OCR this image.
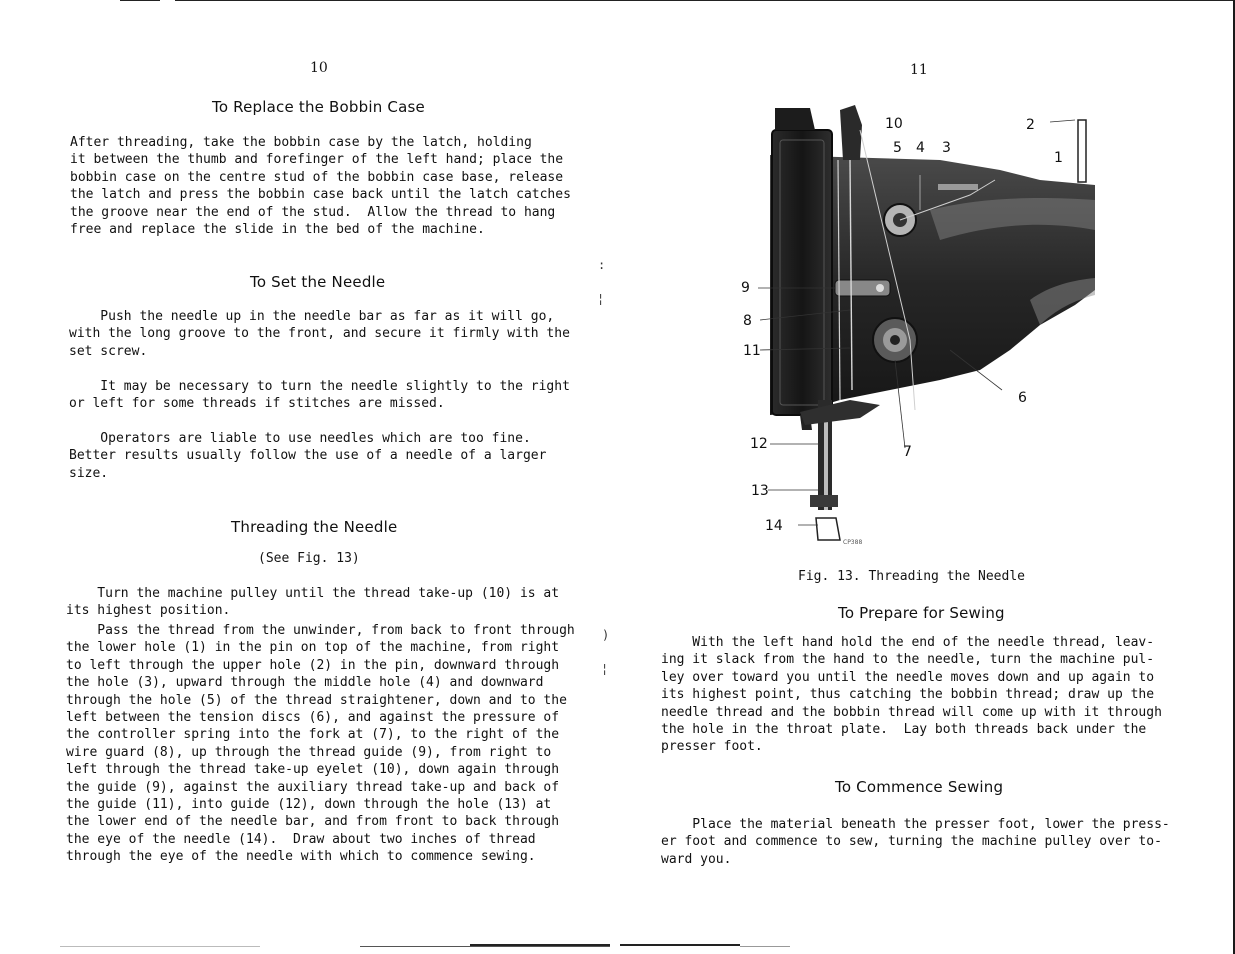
:
¦
)
¦
10
To Replace the Bobbin Case
After threading, take the bobbin case by the latch, holding
it between the thumb and forefinger of the left hand; place the
bobbin case on the centre stud of the bobbin case base, release
the latch and press the bobbin case back until the latch catches
the groove near the end of the stud.  Allow the thread to hang
free and replace the slide in the bed of the machine.
To Set the Needle
Push the needle up in the needle bar as far as it will go,
with the long groove to the front, and secure it firmly with the
set screw.
It may be necessary to turn the needle slightly to the right
or left for some threads if stitches are missed.
Operators are liable to use needles which are too fine.
Better results usually follow the use of a needle of a larger
size.
Threading the Needle
(See Fig. 13)
Turn the machine pulley until the thread take-up (10) is at
its highest position.
Pass the thread from the unwinder, from back to front through
the lower hole (1) in the pin on top of the machine, from right
to left through the upper hole (2) in the pin, downward through
the hole (3), upward through the middle hole (4) and downward
through the hole (5) of the thread straightener, down and to the
left between the tension discs (6), and against the pressure of
the controller spring into the fork at (7), to the right of the
wire guard (8), up through the thread guide (9), from right to
left through the thread take-up eyelet (10), down again through
the guide (9), against the auxiliary thread take-up and back of
the guide (11), into guide (12), down through the hole (13) at
the lower end of the needle bar, and from front to back through
the eye of the needle (14).  Draw about two inches of thread
through the eye of the needle with which to commence sewing.
11
10
5 4 3
2
1
9
8
11
6
12	7
13
14
CP388
Fig. 13. Threading the Needle
To Prepare for Sewing
With the left hand hold the end of the needle thread, leav-
ing it slack from the hand to the needle, turn the machine pul-
ley over toward you until the needle moves down and up again to
its highest point, thus catching the bobbin thread; draw up the
needle thread and the bobbin thread will come up with it through
the hole in the throat plate.  Lay both threads back under the
presser foot.
To Commence Sewing
Place the material beneath the presser foot, lower the press-
er foot and commence to sew, turning the machine pulley over to-
ward you.
